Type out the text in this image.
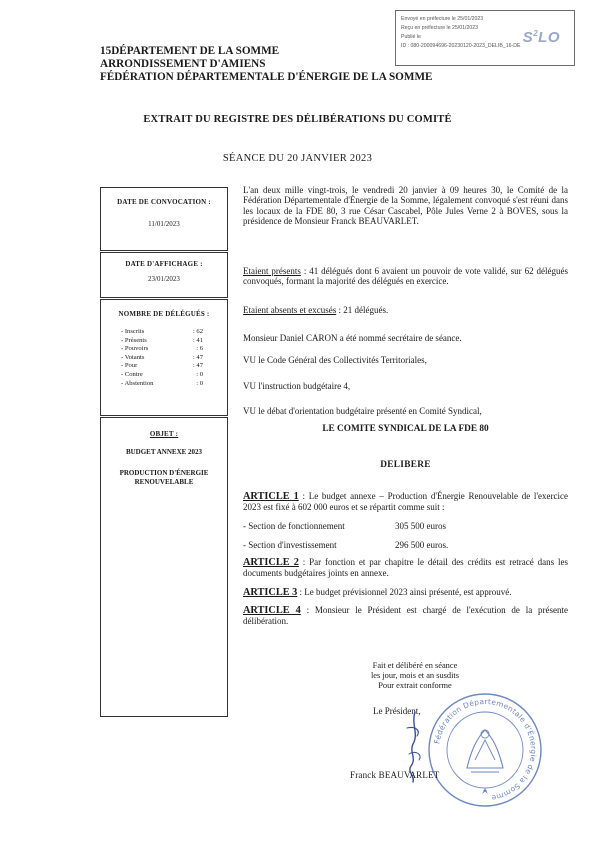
Envoyé en préfecture le 25/01/2023
Reçu en préfecture le 25/01/2023
Publié le
ID : 080-200094696-20230120-2023_DELIB_16-DE $S^2LO$
15DÉPARTEMENT DE LA SOMME
ARRONDISSEMENT D'AMIENS
FÉDÉRATION DÉPARTEMENTALE D'ÉNERGIE DE LA SOMME
EXTRAIT DU REGISTRE DES DÉLIBÉRATIONS DU COMITÉ
SÉANCE DU 20 JANVIER 2023
DATE DE CONVOCATION :
11/01/2023
DATE D'AFFICHAGE :
23/01/2023
NOMBRE DE DÉLÉGUÉS :
- Inscrits	: 62
- Présents	: 41
- Pouvoirs	: 6
- Votants	: 47
- Pour	: 47
- Contre	: 0
- Abstention	: 0
OBJET :
BUDGET ANNEXE 2023
PRODUCTION D'ÉNERGIE RENOUVELABLE
L'an deux mille vingt-trois, le vendredi 20 janvier à 09 heures 30, le Comité de la Fédération Départementale d'Énergie de la Somme, légalement convoqué s'est réuni dans les locaux de la FDE 80, 3 rue César Cascabel, Pôle Jules Verne 2 à BOVES, sous la présidence de Monsieur Franck BEAUVARLET.
Etaient présents : 41 délégués dont 6 avaient un pouvoir de vote validé, sur 62 délégués convoqués, formant la majorité des délégués en exercice.
Etaient absents et excusés : 21 délégués.
Monsieur Daniel CARON a été nommé secrétaire de séance.
VU le Code Général des Collectivités Territoriales,
VU l'instruction budgétaire 4,
VU le débat d'orientation budgétaire présenté en Comité Syndical,
LE COMITE SYNDICAL DE LA FDE 80
DELIBERE
ARTICLE 1 : Le budget annexe – Production d'Énergie Renouvelable de l'exercice 2023 est fixé à 602 000 euros et se répartit comme suit :
- Section de fonctionnement	305 500 euros
- Section d'investissement	296 500 euros.
ARTICLE 2 : Par fonction et par chapitre le détail des crédits est retracé dans les documents budgétaires joints en annexe.
ARTICLE 3 : Le budget prévisionnel 2023 ainsi présenté, est approuvé.
ARTICLE 4 : Monsieur le Président est chargé de l'exécution de la présente délibération.
Fait et délibéré en séance
les jour, mois et an susdits
Pour extrait conforme
Le Président,
Fédération Départementale d'Énergie de la Somme
Franck BEAUVARLET
